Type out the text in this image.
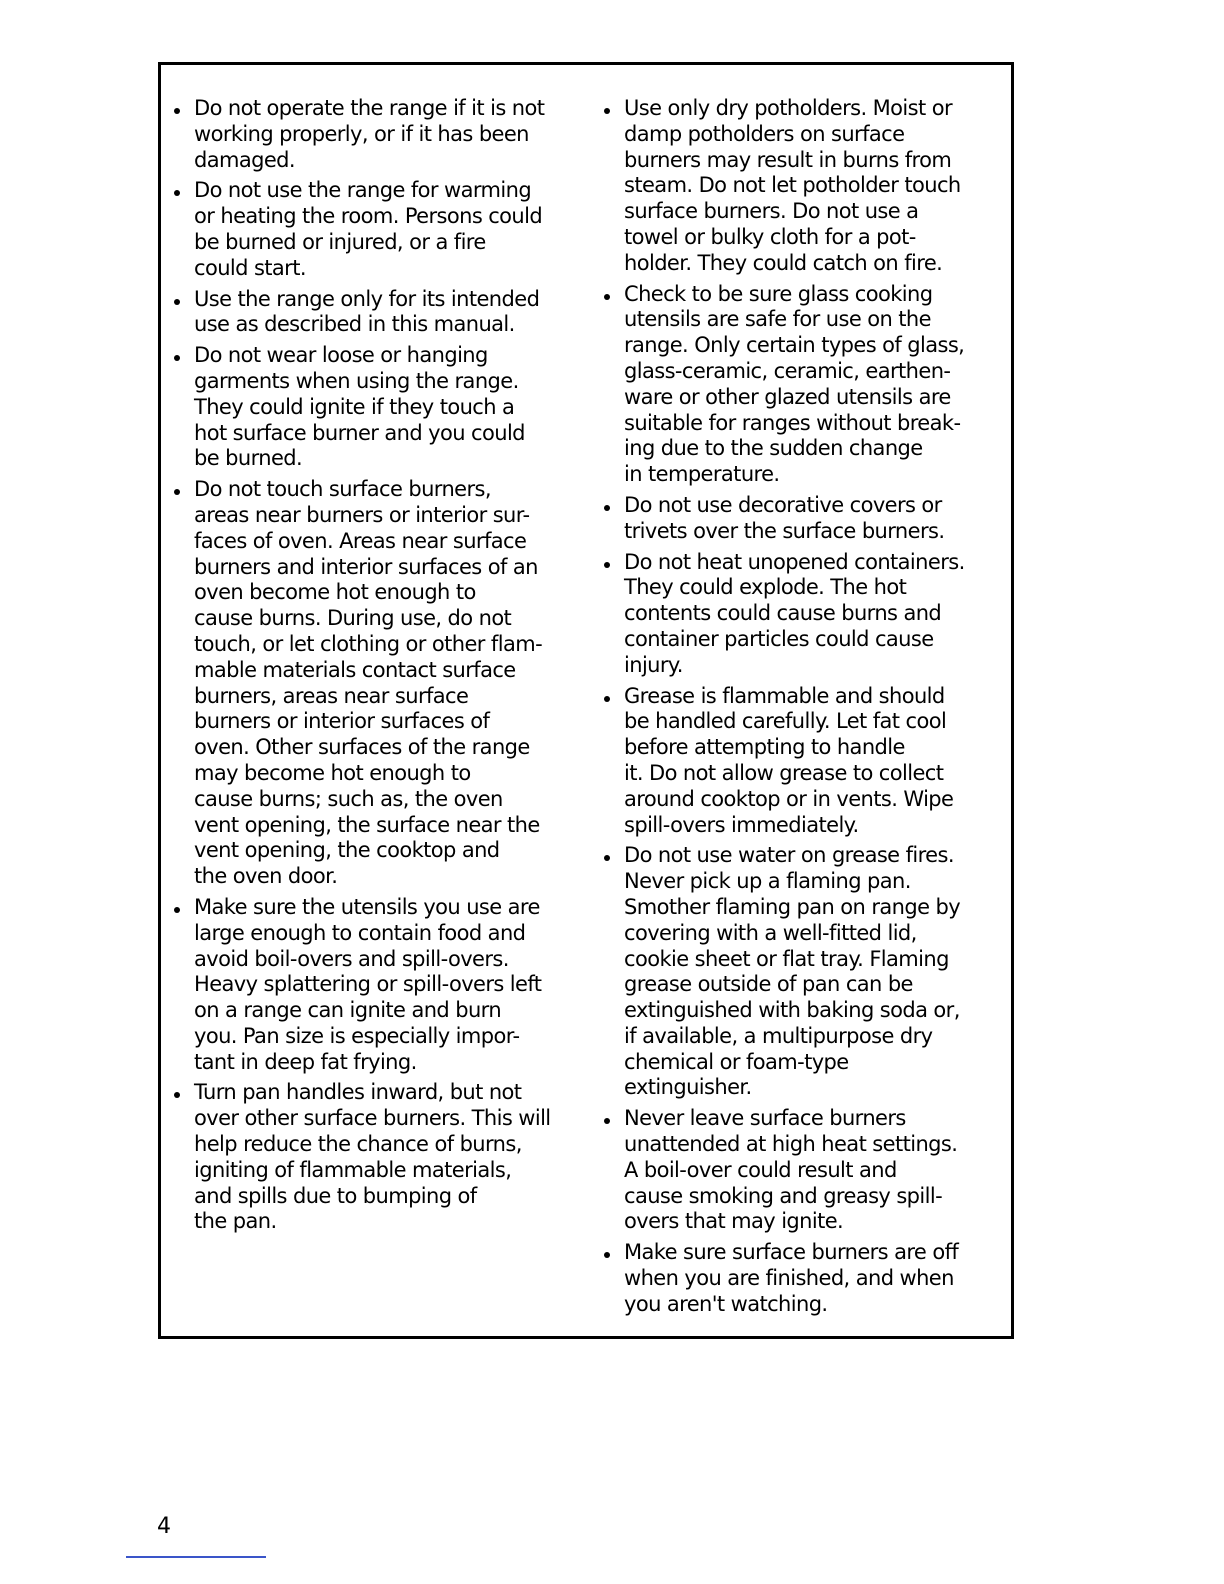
Do not operate the range if it is not
working properly, or if it has been
damaged.
Do not use the range for warming
or heating the room. Persons could
be burned or injured, or a fire
could start.
Use the range only for its intended
use as described in this manual.
Do not wear loose or hanging
garments when using the range.
They could ignite if they touch a
hot surface burner and you could
be burned.
Do not touch surface burners,
areas near burners or interior sur-
faces of oven. Areas near surface
burners and interior surfaces of an
oven become hot enough to
cause burns. During use, do not
touch, or let clothing or other flam-
mable materials contact surface
burners, areas near surface
burners or interior surfaces of
oven. Other surfaces of the range
may become hot enough to
cause burns; such as, the oven
vent opening, the surface near the
vent opening, the cooktop and
the oven door.
Make sure the utensils you use are
large enough to contain food and
avoid boil-overs and spill-overs.
Heavy splattering or spill-overs left
on a range can ignite and burn
you. Pan size is especially impor-
tant in deep fat frying.
Turn pan handles inward, but not
over other surface burners. This will
help reduce the chance of burns,
igniting of flammable materials,
and spills due to bumping of
the pan.
Use only dry potholders. Moist or
damp potholders on surface
burners may result in burns from
steam. Do not let potholder touch
surface burners. Do not use a
towel or bulky cloth for a pot-
holder. They could catch on fire.
Check to be sure glass cooking
utensils are safe for use on the
range. Only certain types of glass,
glass-ceramic, ceramic, earthen-
ware or other glazed utensils are
suitable for ranges without break-
ing due to the sudden change
in temperature.
Do not use decorative covers or
trivets over the surface burners.
Do not heat unopened containers.
They could explode. The hot
contents could cause burns and
container particles could cause
injury.
Grease is flammable and should
be handled carefully. Let fat cool
before attempting to handle
it. Do not allow grease to collect
around cooktop or in vents. Wipe
spill-overs immediately.
Do not use water on grease fires.
Never pick up a flaming pan.
Smother flaming pan on range by
covering with a well-fitted lid,
cookie sheet or flat tray. Flaming
grease outside of pan can be
extinguished with baking soda or,
if available, a multipurpose dry
chemical or foam-type
extinguisher.
Never leave surface burners
unattended at high heat settings.
A boil-over could result and
cause smoking and greasy spill-
overs that may ignite.
Make sure surface burners are off
when you are finished, and when
you aren't watching.
4
